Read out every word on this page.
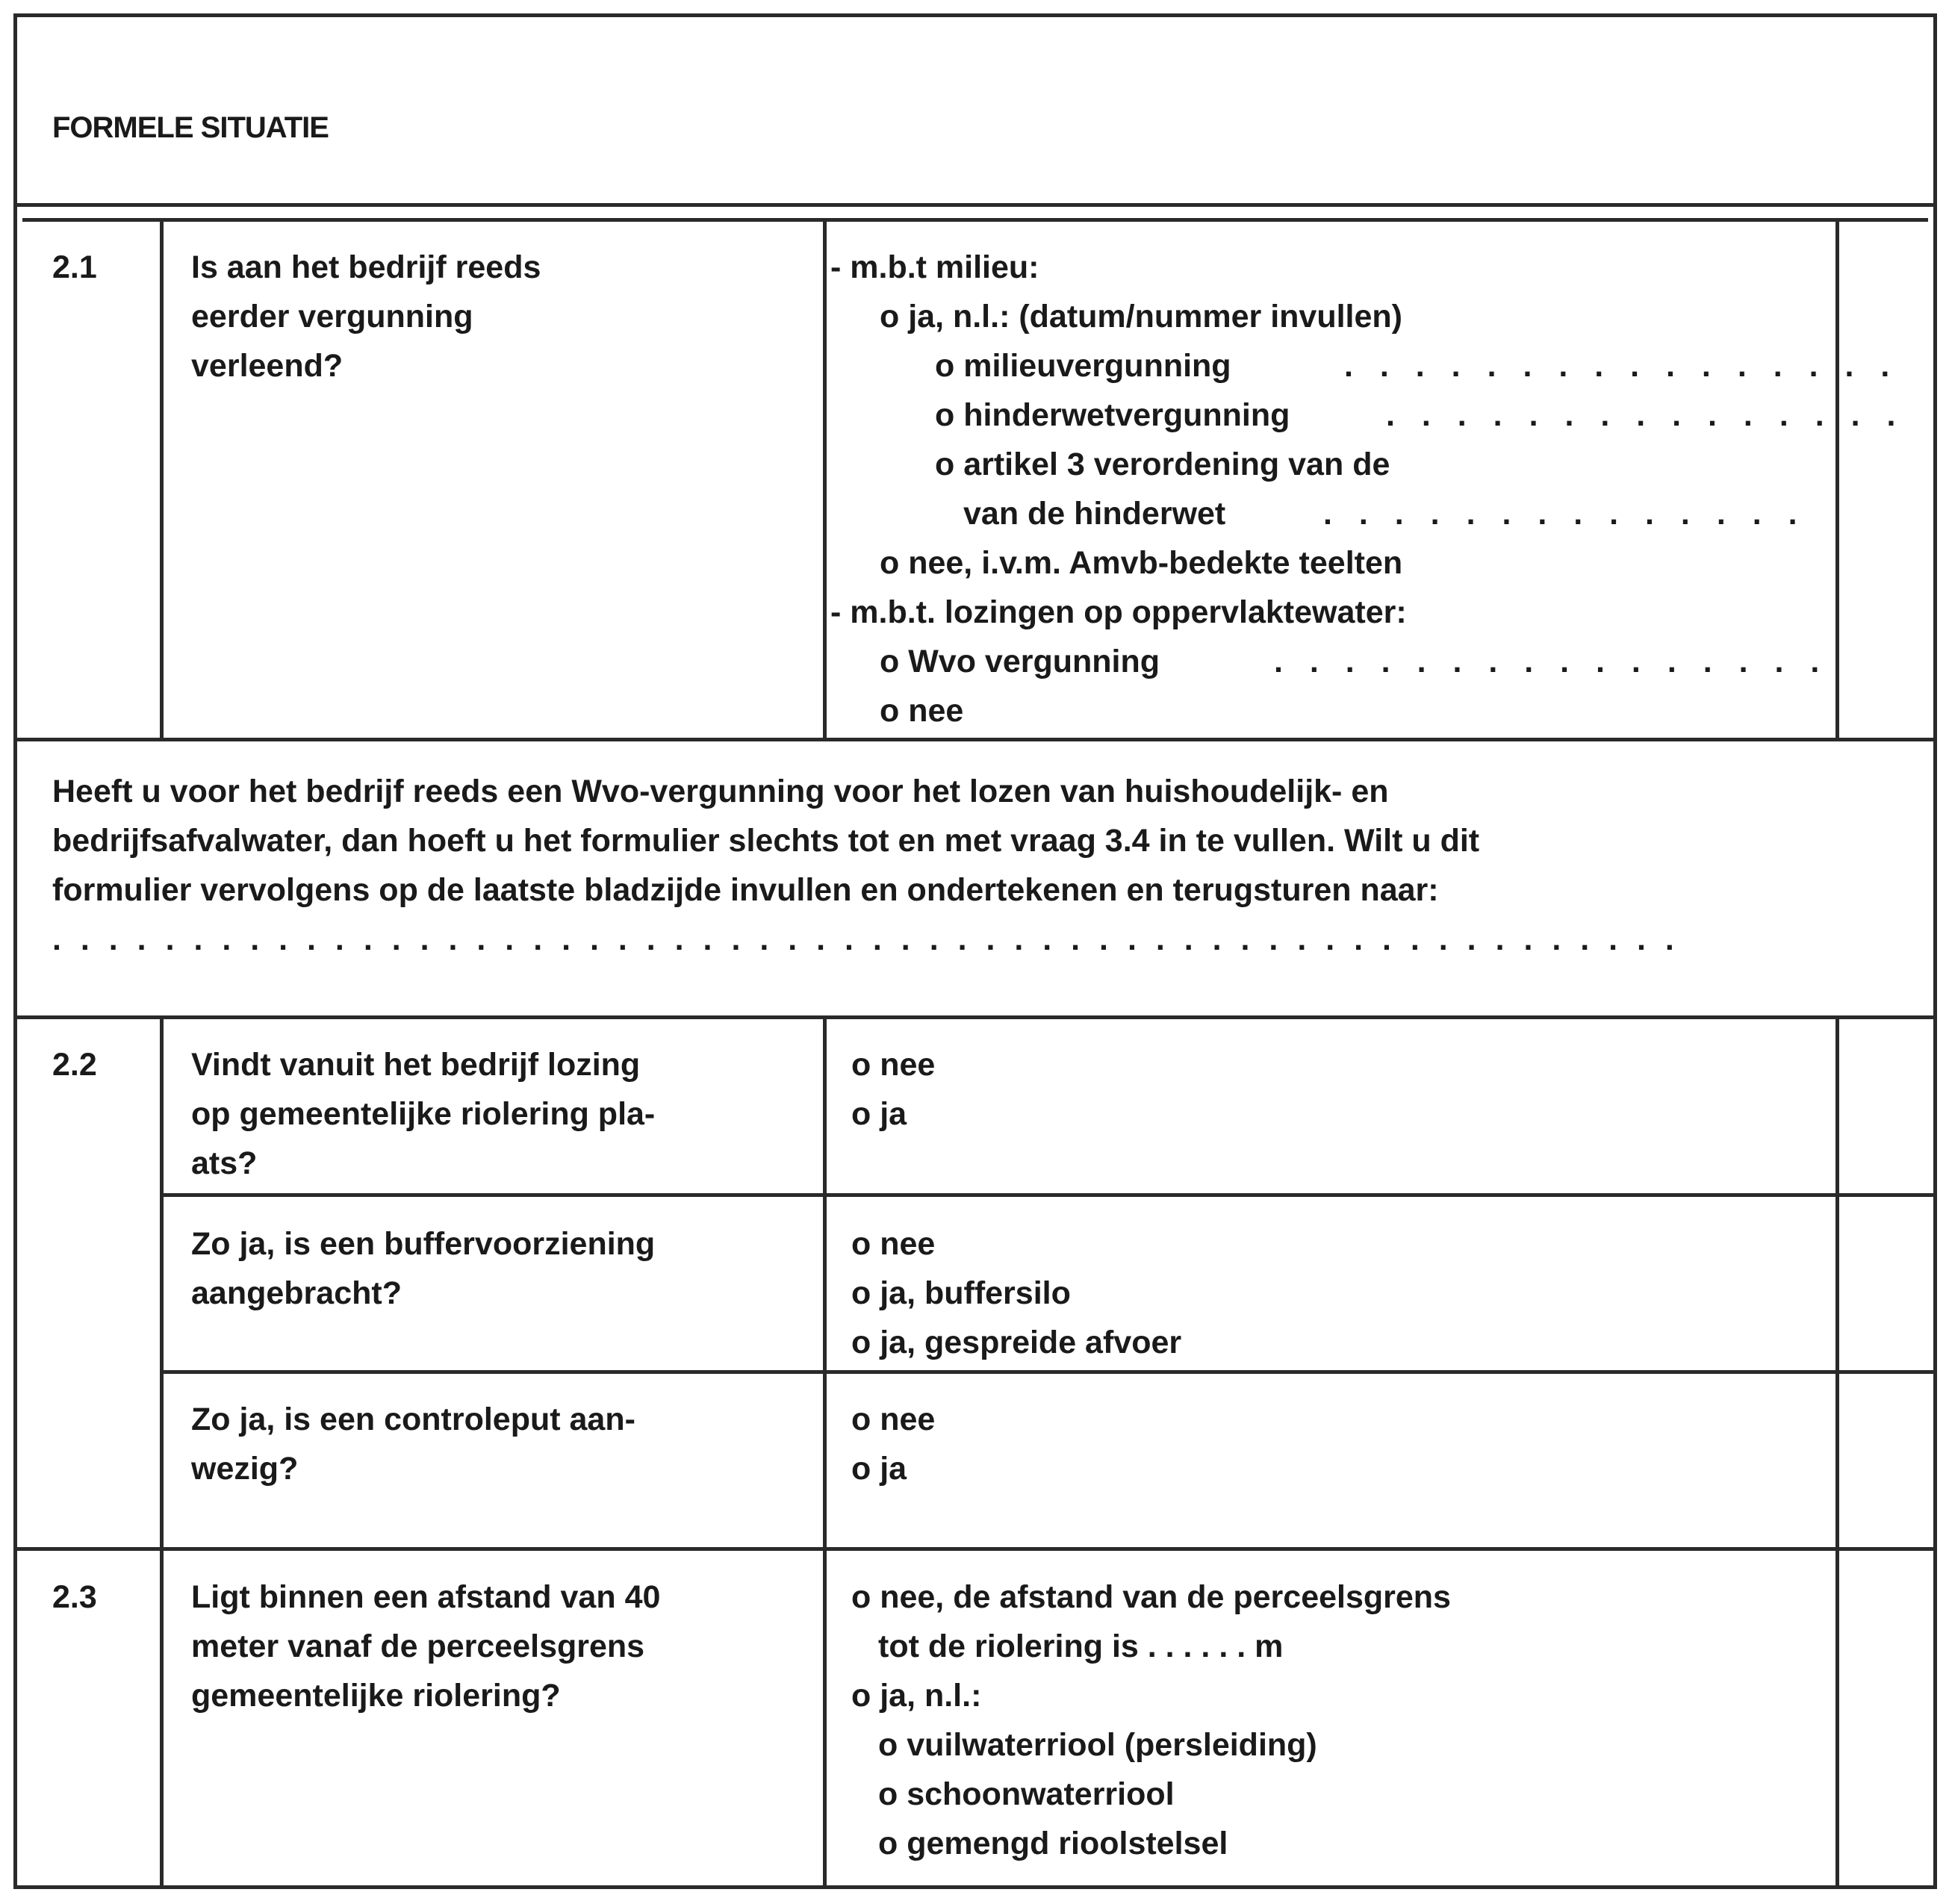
FORMELE SITUATIE
2.1	Is aan het bedrijf reeds
eerder vergunning
verleend?
- m.b.t milieu:
o ja, n.l.: (datum/nummer invullen)
o milieuvergunning	. . . . . . . . . . . . . . . .
o hinderwetvergunning	. . . . . . . . . . . . . . .
o artikel 3 verordening van de
van de hinderwet	. . . . . . . . . . . . . .
o nee, i.v.m. Amvb-bedekte teelten
- m.b.t. lozingen op oppervlaktewater:
o Wvo vergunning	. . . . . . . . . . . . . . . .
o nee
Heeft u voor het bedrijf reeds een Wvo-vergunning voor het lozen van huishoudelijk- en
bedrijfsafvalwater, dan hoeft u het formulier slechts tot en met vraag 3.4 in te vullen. Wilt u dit
formulier vervolgens op de laatste bladzijde invullen en ondertekenen en terugsturen naar:
. . . . . . . . . . . . . . . . . . . . . . . . . . . . . . . . . . . . . . . . . . . . . . . . . . . . . . . . . .
2.2	Vindt vanuit het bedrijf lozing
op gemeentelijke riolering pla-
ats?
o nee
o ja
Zo ja, is een buffervoorziening
aangebracht?
o nee
o ja, buffersilo
o ja, gespreide afvoer
Zo ja, is een controleput aan-
wezig?
o nee
o ja
2.3	Ligt binnen een afstand van 40
meter vanaf de perceelsgrens
gemeentelijke riolering?
o nee, de afstand van de perceelsgrens
tot de riolering is . . . . . . m
o ja, n.l.:
o vuilwaterriool (persleiding)
o schoonwaterriool
o gemengd rioolstelsel
